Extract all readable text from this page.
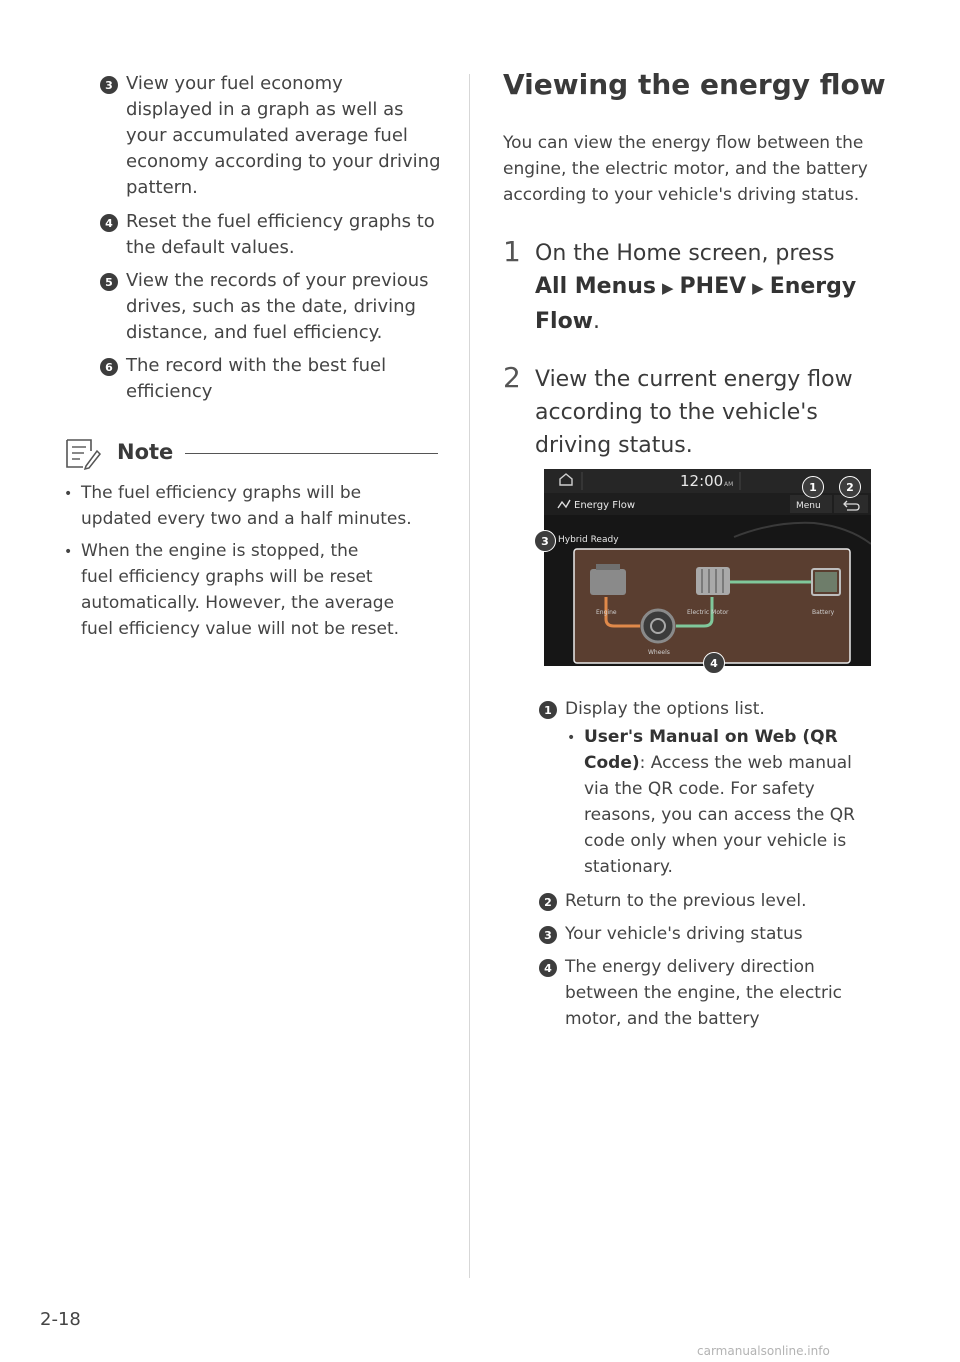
3 View your fuel economy
displayed in a graph as well as
your accumulated average fuel
economy according to your driving
pattern.
4 Reset the fuel efficiency graphs to
the default values.
5 View the records of your previous
drives, such as the date, driving
distance, and fuel efficiency.
6 The record with the best fuel
efficiency
Note
• The fuel efficiency graphs will be
updated every two and a half minutes.
• When the engine is stopped, the
fuel efficiency graphs will be reset
automatically. However, the average
fuel efficiency value will not be reset.
Viewing the energy flow
You can view the energy flow between the
engine, the electric motor, and the battery
according to your vehicle's driving status.
1 On the Home screen, press
All Menus ▶ PHEV ▶ Energy
Flow.
2 View the current energy flow
according to the vehicle's
driving status.
12:00 AM
Energy Flow	Menu
Hybrid Ready
Engine	Electric Motor	Battery
Wheels
1	2
3
4
1 Display the options list.
• User's Manual on Web (QR
Code): Access the web manual
via the QR code. For safety
reasons, you can access the QR
code only when your vehicle is
stationary.
2 Return to the previous level.
3 Your vehicle's driving status
4 The energy delivery direction
between the engine, the electric
motor, and the battery
2-18
carmanualsonline.info
